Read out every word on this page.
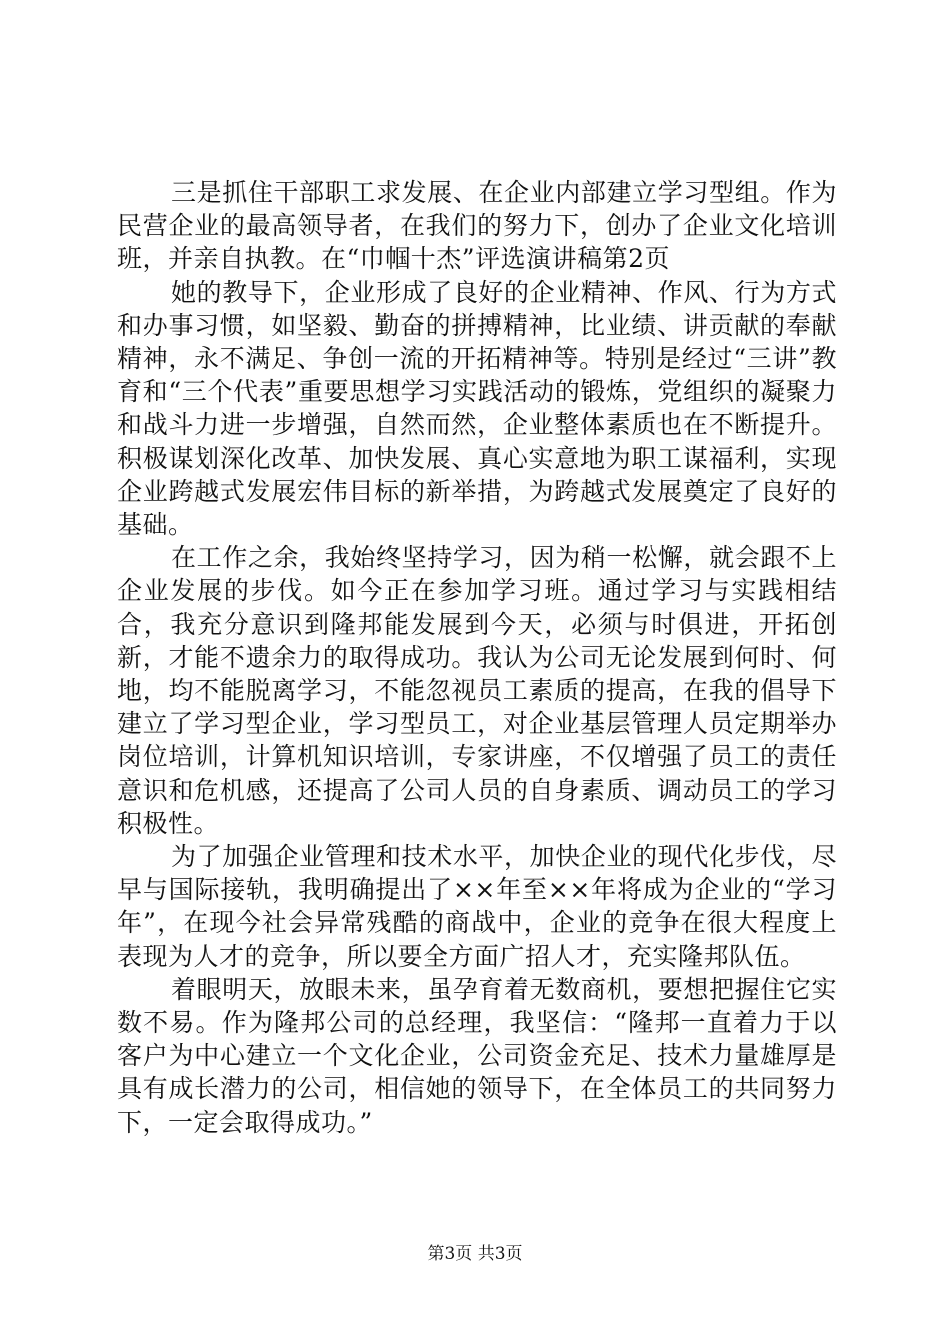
三是抓住干部职工求发展、在企业内部建立学习型组。作为民营企业的最高领导者，在我们的努力下，创办了企业文化培训班，并亲自执教。在“巾帼十杰”评选演讲稿第2页

她的教导下，企业形成了良好的企业精神、作风、行为方式和办事习惯，如坚毅、勤奋的拼搏精神，比业绩、讲贡献的奉献精神，永不满足、争创一流的开拓精神等。特别是经过“三讲”教育和“三个代表”重要思想学习实践活动的锻炼，党组织的凝聚力和战斗力进一步增强，自然而然，企业整体素质也在不断提升。积极谋划深化改革、加快发展、真心实意地为职工谋福利，实现企业跨越式发展宏伟目标的新举措，为跨越式发展奠定了良好的基础。

在工作之余，我始终坚持学习，因为稍一松懈，就会跟不上企业发展的步伐。如今正在参加学习班。通过学习与实践相结合，我充分意识到隆邦能发展到今天，必须与时俱进，开拓创新，才能不遗余力的取得成功。我认为公司无论发展到何时、何地，均不能脱离学习，不能忽视员工素质的提高，在我的倡导下建立了学习型企业，学习型员工，对企业基层管理人员定期举办岗位培训，计算机知识培训，专家讲座，不仅增强了员工的责任意识和危机感，还提高了公司人员的自身素质、调动员工的学习积极性。

为了加强企业管理和技术水平，加快企业的现代化步伐，尽早与国际接轨，我明确提出了××年至××年将成为企业的“学习年”，在现今社会异常残酷的商战中，企业的竞争在很大程度上表现为人才的竞争，所以要全方面广招人才，充实隆邦队伍。

着眼明天，放眼未来，虽孕育着无数商机，要想把握住它实数不易。作为隆邦公司的总经理，我坚信：“隆邦一直着力于以客户为中心建立一个文化企业，公司资金充足、技术力量雄厚是具有成长潜力的公司，相信她的领导下，在全体员工的共同努力下，一定会取得成功。”

第3页 共3页
